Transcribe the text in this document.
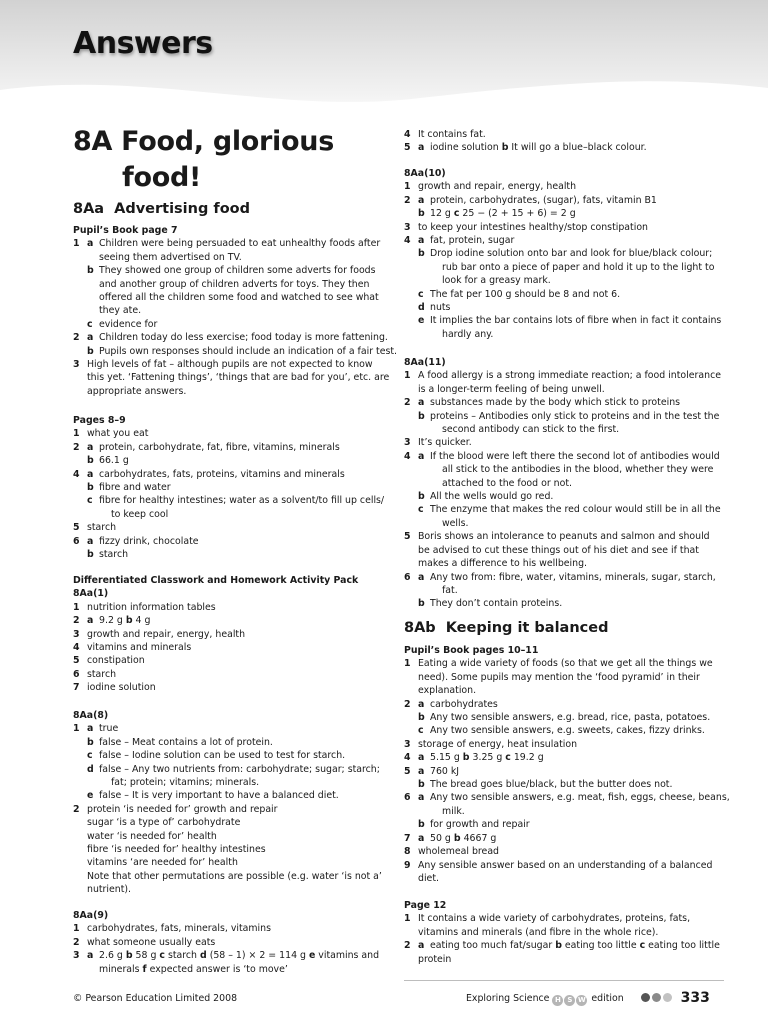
Answers
8A Food, glorious
food!
8Aa Advertising food
Pupil’s Book page 7
1 a Children were being persuaded to eat unhealthy foods after
seeing them advertised on TV.
b They showed one group of children some adverts for foods
and another group of children adverts for toys. They then
offered all the children some food and watched to see what
they ate.
c evidence for
2 a Children today do less exercise; food today is more fattening.
b Pupils own responses should include an indication of a fair test.
3 High levels of fat – although pupils are not expected to know
this yet. ‘Fattening things’, ‘things that are bad for you’, etc. are
appropriate answers.
Pages 8–9
1 what you eat
2 a protein, carbohydrate, fat, fibre, vitamins, minerals
b 66.1 g
4 a carbohydrates, fats, proteins, vitamins and minerals
b fibre and water
c fibre for healthy intestines; water as a solvent/to fill up cells/
to keep cool
5 starch
6 a fizzy drink, chocolate
b starch
Differentiated Classwork and Homework Activity Pack
8Aa(1)
1 nutrition information tables
2 a 9.2 g b 4 g
3 growth and repair, energy, health
4 vitamins and minerals
5 constipation
6 starch
7 iodine solution
8Aa(8)
1 a true
b false – Meat contains a lot of protein.
c false – Iodine solution can be used to test for starch.
d false – Any two nutrients from: carbohydrate; sugar; starch;
fat; protein; vitamins; minerals.
e false – It is very important to have a balanced diet.
2 protein ‘is needed for’ growth and repair
sugar ‘is a type of’ carbohydrate
water ‘is needed for’ health
fibre ‘is needed for’ healthy intestines
vitamins ‘are needed for’ health
Note that other permutations are possible (e.g. water ‘is not a’
nutrient).
8Aa(9)
1 carbohydrates, fats, minerals, vitamins
2 what someone usually eats
3 a 2.6 g b 58 g c starch d (58 – 1) × 2 = 114 g e vitamins and
minerals f expected answer is ‘to move’
4 It contains fat.
5 a iodine solution b It will go a blue–black colour.
8Aa(10)
1 growth and repair, energy, health
2 a protein, carbohydrates, (sugar), fats, vitamin B1
b 12 g c 25 − (2 + 15 + 6) = 2 g
3 to keep your intestines healthy/stop constipation
4 a fat, protein, sugar
b Drop iodine solution onto bar and look for blue/black colour;
rub bar onto a piece of paper and hold it up to the light to
look for a greasy mark.
c The fat per 100 g should be 8 and not 6.
d nuts
e It implies the bar contains lots of fibre when in fact it contains
hardly any.
8Aa(11)
1 A food allergy is a strong immediate reaction; a food intolerance
is a longer-term feeling of being unwell.
2 a substances made by the body which stick to proteins
b proteins – Antibodies only stick to proteins and in the test the
second antibody can stick to the first.
3 It’s quicker.
4 a If the blood were left there the second lot of antibodies would
all stick to the antibodies in the blood, whether they were
attached to the food or not.
b All the wells would go red.
c The enzyme that makes the red colour would still be in all the
wells.
5 Boris shows an intolerance to peanuts and salmon and should
be advised to cut these things out of his diet and see if that
makes a difference to his wellbeing.
6 a Any two from: fibre, water, vitamins, minerals, sugar, starch,
fat.
b They don’t contain proteins.
8Ab Keeping it balanced
Pupil’s Book pages 10–11
1 Eating a wide variety of foods (so that we get all the things we
need). Some pupils may mention the ‘food pyramid’ in their
explanation.
2 a carbohydrates
b Any two sensible answers, e.g. bread, rice, pasta, potatoes.
c Any two sensible answers, e.g. sweets, cakes, fizzy drinks.
3 storage of energy, heat insulation
4 a 5.15 g b 3.25 g c 19.2 g
5 a 760 kJ
b The bread goes blue/black, but the butter does not.
6 a Any two sensible answers, e.g. meat, fish, eggs, cheese, beans,
milk.
b for growth and repair
7 a 50 g b 4667 g
8 wholemeal bread
9 Any sensible answer based on an understanding of a balanced
diet.
Page 12
1 It contains a wide variety of carbohydrates, proteins, fats,
vitamins and minerals (and fibre in the whole rice).
2 a eating too much fat/sugar b eating too little c eating too little
protein
© Pearson Education Limited 2008	Exploring Science H S W edition	333
